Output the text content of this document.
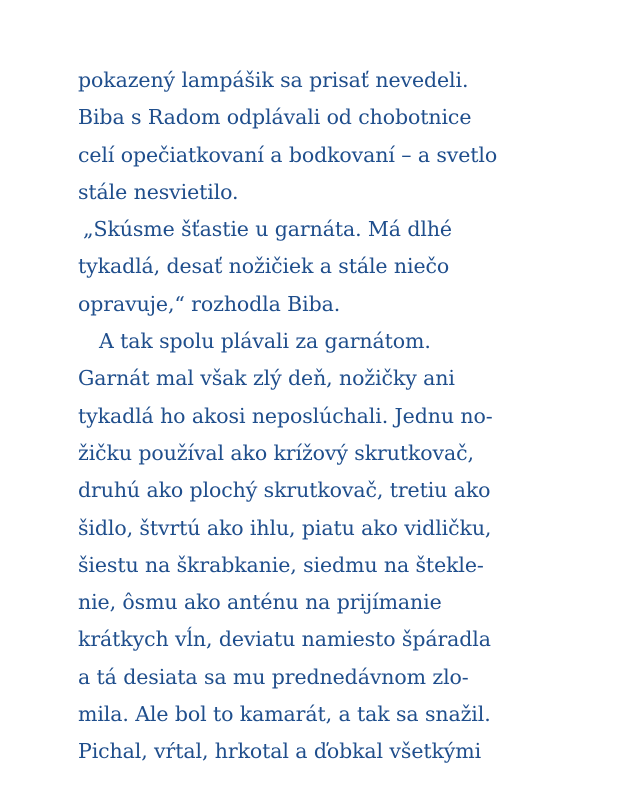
pokazený lampášik sa prisať nevedeli.
Biba s Radom odplávali od chobotnice
celí opečiatkovaní a bodkovaní – a svetlo
stále nesvietilo.
„Skúsme šťastie u garnáta. Má dlhé
tykadlá, desať nožičiek a stále niečo
opravuje,“ rozhodla Biba.
A tak spolu plávali za garnátom.
Garnát mal však zlý deň, nožičky ani
tykadlá ho akosi neposlúchali. Jednu no-
žičku používal ako krížový skrutkovač,
druhú ako plochý skrutkovač, tretiu ako
šidlo, štvrtú ako ihlu, piatu ako vidličku,
šiestu na škrabkanie, siedmu na štekle-
nie, ôsmu ako anténu na prijímanie
krátkych vĺn, deviatu namiesto špáradla
a tá desiata sa mu prednedávnom zlo-
mila. Ale bol to kamarát, a tak sa snažil.
Pichal, vŕtal, hrkotal a ďobkal všetkými
